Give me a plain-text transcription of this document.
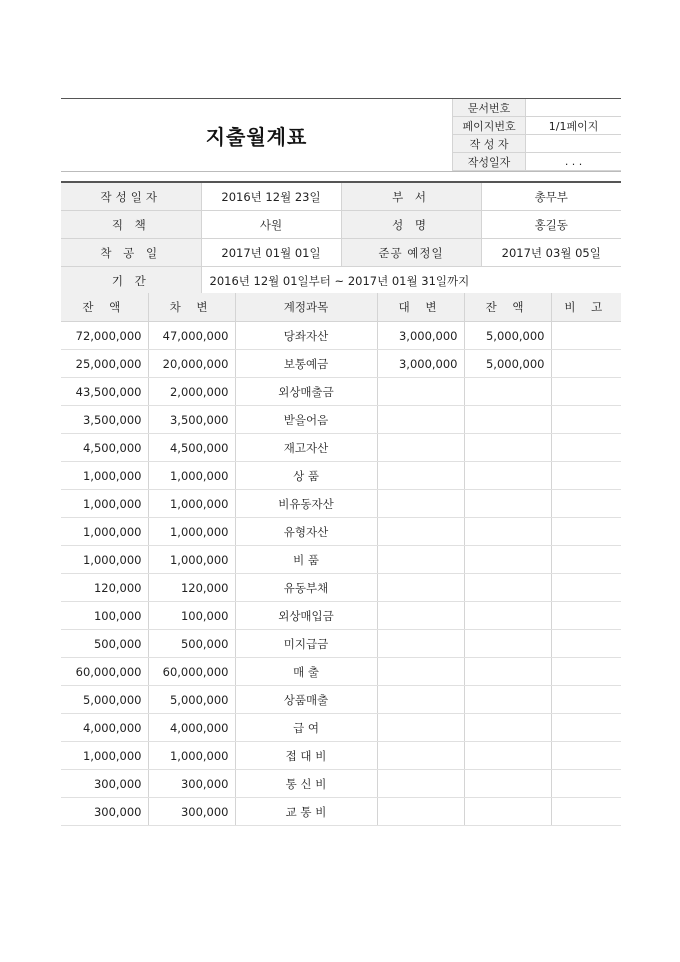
지출월계표
문서번호	
페이지번호	1/1페이지
작 성 자	
작성일자	. . .
작성일자	2016년 12월 23일	부 서	총무부
직 책	사원	성 명	홍길동
착 공 일	2017년 01월 01일	준공 예정일	2017년 03월 05일
기 간	2016년 12월 01일부터 ~ 2017년 01월 31일까지		
잔 액	차 변	계정과목	대 변	잔 액	비 고
72,000,000	47,000,000	당좌자산	3,000,000	5,000,000	
25,000,000	20,000,000	보통예금	3,000,000	5,000,000	
43,500,000	2,000,000	외상매출금			
3,500,000	3,500,000	받을어음			
4,500,000	4,500,000	재고자산			
1,000,000	1,000,000	상 품			
1,000,000	1,000,000	비유동자산			
1,000,000	1,000,000	유형자산			
1,000,000	1,000,000	비 품			
120,000	120,000	유동부채			
100,000	100,000	외상매입금			
500,000	500,000	미지급금			
60,000,000	60,000,000	매 출			
5,000,000	5,000,000	상품매출			
4,000,000	4,000,000	급 여			
1,000,000	1,000,000	접 대 비			
300,000	300,000	통 신 비			
300,000	300,000	교 통 비			
